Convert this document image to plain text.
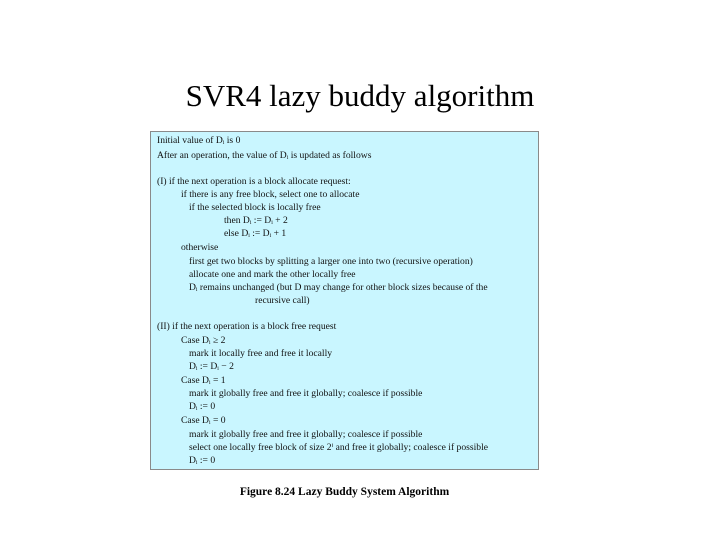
SVR4 lazy buddy algorithm
Initial value of Dᵢ is 0
After an operation, the value of Dᵢ is updated as follows
(I) if the next operation is a block allocate request:
if there is any free block, select one to allocate
if the selected block is locally free
then Dᵢ := Dᵢ + 2
else Dᵢ := Dᵢ + 1
otherwise
first get two blocks by splitting a larger one into two (recursive operation)
allocate one and mark the other locally free
Dᵢ remains unchanged (but D may change for other block sizes because of the
recursive call)
(II) if the next operation is a block free request
Case Dᵢ ≥ 2
mark it locally free and free it locally
Dᵢ := Dᵢ − 2
Case Dᵢ = 1
mark it globally free and free it globally; coalesce if possible
Dᵢ := 0
Case Dᵢ = 0
mark it globally free and free it globally; coalesce if possible
select one locally free block of size 2ⁱ and free it globally; coalesce if possible
Dᵢ := 0
Figure 8.24 Lazy Buddy System Algorithm
